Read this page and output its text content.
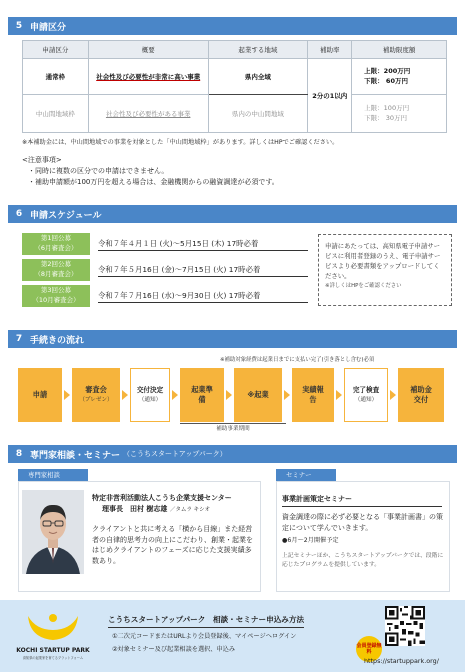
5 申請区分
申請区分	概要	起業する地域	補助率	補助限度額
通常枠	社会性及び必要性が非常に高い事業	県内全域	2分の1以内	上限：200万円
下限： 60万円

中山間地域枠	社会性及び必要性がある事業	県内の中山間地域		上限：100万円
下限： 30万円
※本補助金には、中山間地域での事業を対象とした「中山間地域枠」があります。詳しくはHPでご確認ください。
<注意事項>
・同時に複数の区分での申請はできません。
・補助申請額が100万円を超える場合は、金融機関からの融資調達が必須です。
6 申請スケジュール
第1回公募
（6月審査会）	令和７年４月１日 (火)～5月15日 (木) 17時必着
第2回公募
（8月審査会）	令和７年５月16日 (金)～7月15日 (火) 17時必着
第3回公募
（10月審査会）	令和７年７月16日 (水)～9月30日 (火) 17時必着
申請にあたっては、高知県電子申請サービスに利用者登録のうえ、電子申請サービスより必要書類をアップロードしてください。
※詳しくはHPをご確認ください
7 手続きの流れ
※補助対象経費は起業日までに支払い完了(引き落とし含む)必須
申請
審査会
（プレゼン）
交付決定
（通知）
起業準備
※起業
実績報告
完了検査
（通知）
補助金交付
補助事業期間
8 専門家相談・セミナー （こうちスタートアップパーク）
専門家相談
特定非営利活動法人こうち企業支援センター
理事長　田村 樹志雄 ／タムラ キシオ
クライアントと共に考える「横から目線」また経営者の自律的思考力の向上にこだわり、創業・起業をはじめクライアントのフェーズに応じた支援実績多数あり。
セミナー
事業計画策定セミナー
資金調達の際に必ず必要となる「事業計画書」の策定について学んでいきます。
●6月～2月開催予定
上記セミナーほか、こうちスタートアップパークでは、段階に応じたプログラムを提供しています。
KOCHI STARTUP PARK
高知県の起業家を育てるプラットフォーム
こうちスタートアップパーク　相談・セミナー申込み方法
①二次元コードまたはURLより会員登録後、マイページへログイン
②対象セミナー及び起業相談を選択、申込み	会員登録無料
https://startuppark.org/
